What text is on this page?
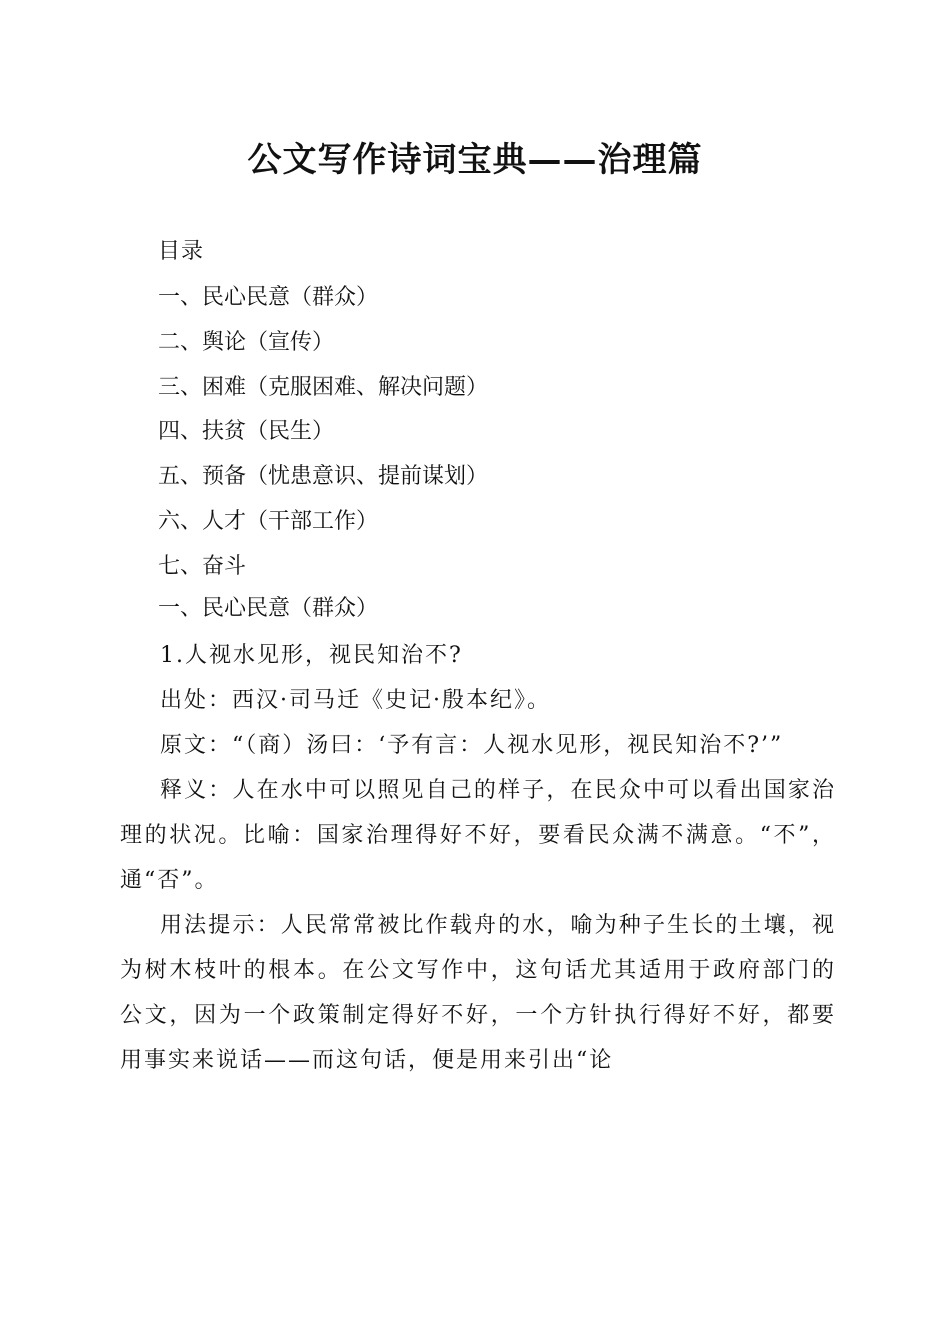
公文写作诗词宝典——治理篇
目录
一、民心民意（群众）
二、舆论（宣传）
三、困难（克服困难、解决问题）
四、扶贫（民生）
五、预备（忧患意识、提前谋划）
六、人才（干部工作）
七、奋斗
一、民心民意（群众）

1.人视水见形，视民知治不?

出处：西汉·司马迁《史记·殷本纪》。

原文：“（商）汤曰：‘予有言：人视水见形，视民知治不?’”

释义：人在水中可以照见自己的样子，在民众中可以看出国家治理的状况。比喻：国家治理得好不好，要看民众满不满意。“不”，通“否”。

用法提示：人民常常被比作载舟的水，喻为种子生长的土壤，视为树木枝叶的根本。在公文写作中，这句话尤其适用于政府部门的公文，因为一个政策制定得好不好，一个方针执行得好不好，都要用事实来说话——而这句话，便是用来引出“论
